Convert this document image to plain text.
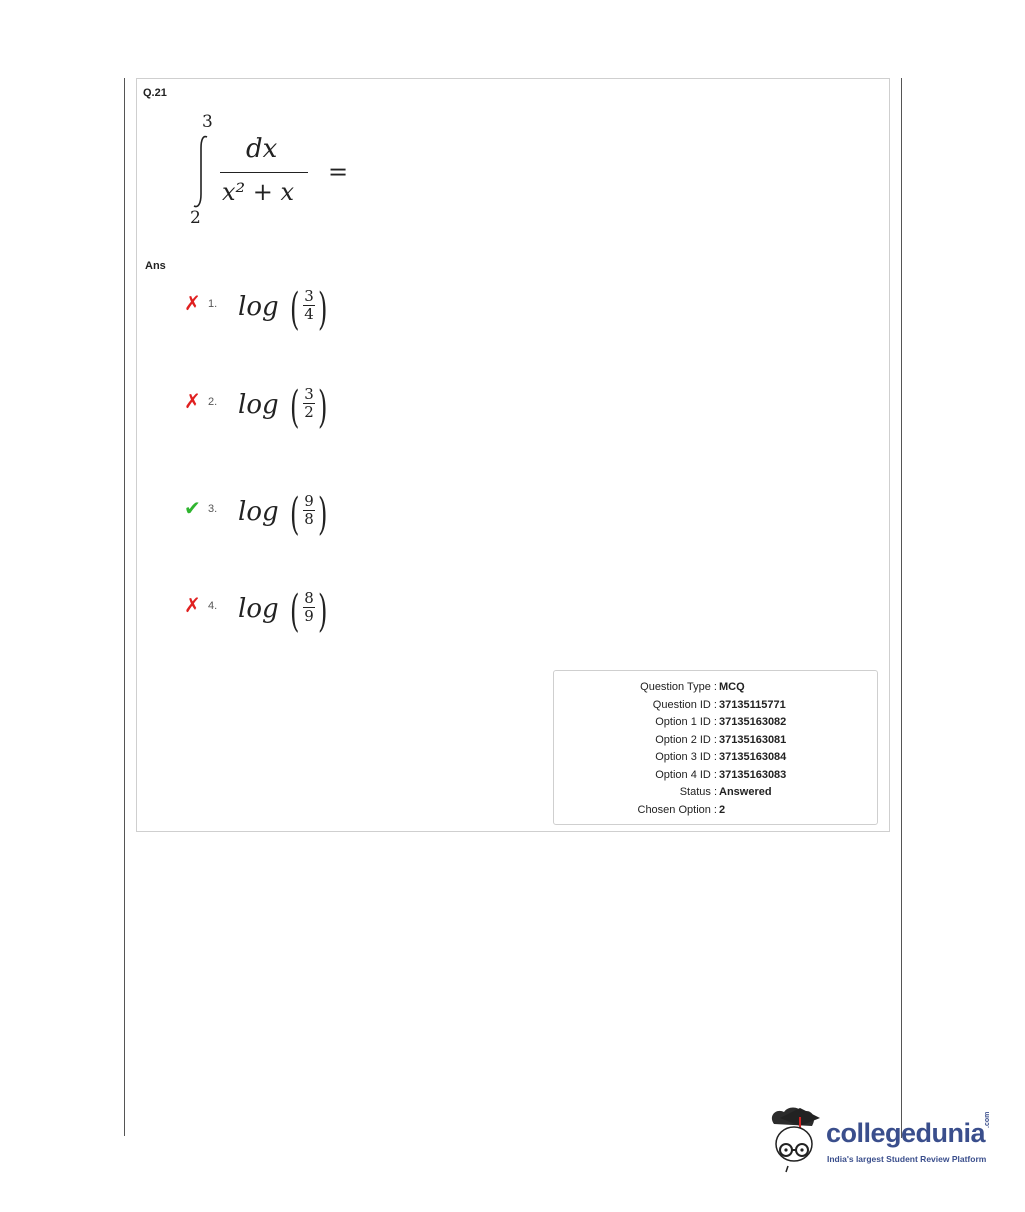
Q.21
3
2
dx
x² + x
=
Ans
✗ 1. log ( 3
4 )
✗ 2. log ( 3
2 )
✔ 3. log ( 9
8 )
✗ 4. log ( 8
9 )
Question Type : MCQ
Question ID : 37135115771
Option 1 ID : 37135163082
Option 2 ID : 37135163081
Option 3 ID : 37135163084
Option 4 ID : 37135163083
Status : Answered
Chosen Option : 2
collegedunia
.com
India's largest Student Review Platform
